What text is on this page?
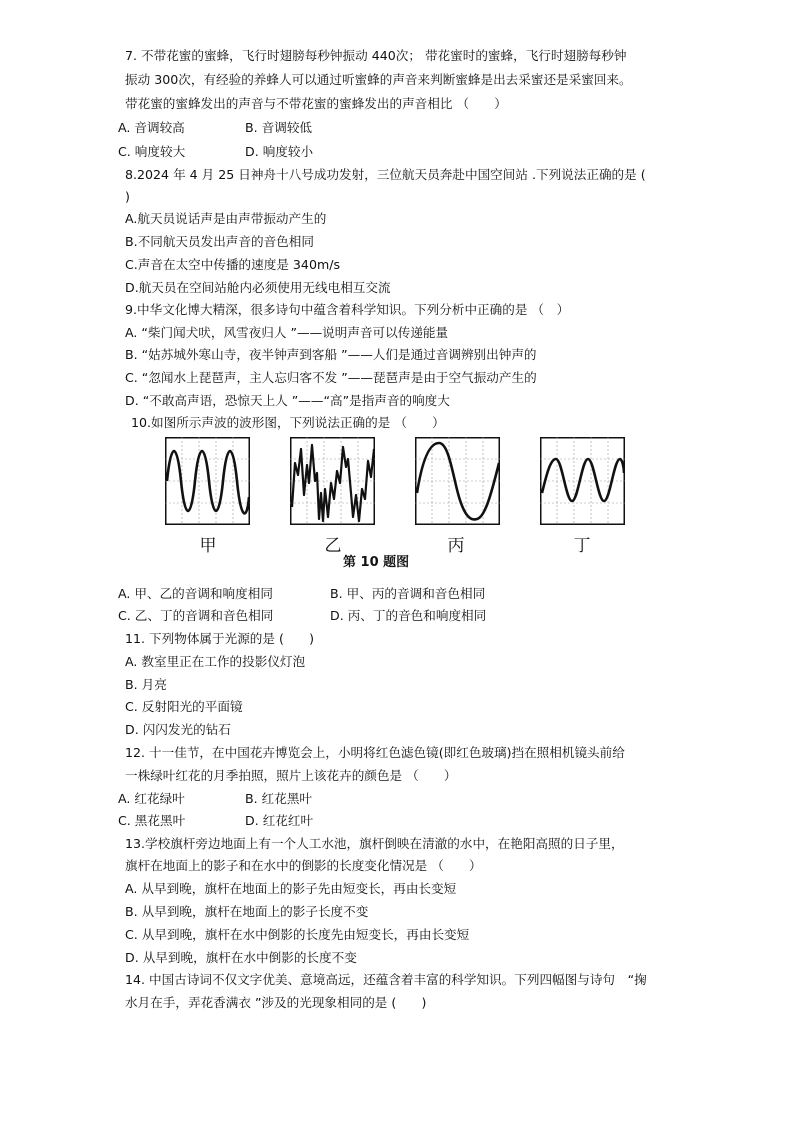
7. 不带花蜜的蜜蜂，飞行时翅膀每秒钟振动 440次； 带花蜜时的蜜蜂，飞行时翅膀每秒钟
振动 300次，有经验的养蜂人可以通过听蜜蜂的声音来判断蜜蜂是出去采蜜还是采蜜回来。
带花蜜的蜜蜂发出的声音与不带花蜜的蜜蜂发出的声音相比 （　　）
A. 音调较高	B. 音调较低
C. 响度较大	D. 响度较小
8.2024 年 4 月 25 日神舟十八号成功发射，三位航天员奔赴中国空间站 .下列说法正确的是 (
)
A.航天员说话声是由声带振动产生的
B.不同航天员发出声音的音色相同
C.声音在太空中传播的速度是 340m/s
D.航天员在空间站舱内必须使用无线电相互交流
9.中华文化博大精深，很多诗句中蕴含着科学知识。下列分析中正确的是 （　）
A. “柴门闻犬吠，风雪夜归人 ”——说明声音可以传递能量
B. “姑苏城外寒山寺，夜半钟声到客船 ”——人们是通过音调辨别出钟声的
C. “忽闻水上琵琶声，主人忘归客不发 ”——琵琶声是由于空气振动产生的
D. “不敢高声语，恐惊天上人 ”——“高”是指声音的响度大
10.如图所示声波的波形图，下列说法正确的是 （　　）
甲	乙	丙	丁
第 10 题图
A. 甲、乙的音调和响度相同	B. 甲、丙的音调和音色相同
C. 乙、丁的音调和音色相同	D. 丙、丁的音色和响度相同
11. 下列物体属于光源的是 (　　)
A. 教室里正在工作的投影仪灯泡
B. 月亮
C. 反射阳光的平面镜
D. 闪闪发光的钻石
12. 十一佳节，在中国花卉博览会上，小明将红色滤色镜(即红色玻璃)挡在照相机镜头前给
一株绿叶红花的月季拍照，照片上该花卉的颜色是 （　　）
A. 红花绿叶	B. 红花黑叶
C. 黑花黑叶	D. 红花红叶
13.学校旗杆旁边地面上有一个人工水池，旗杆倒映在清澈的水中，在艳阳高照的日子里，
旗杆在地面上的影子和在水中的倒影的长度变化情况是 （　　）
A. 从早到晚，旗杆在地面上的影子先由短变长，再由长变短
B. 从早到晚，旗杆在地面上的影子长度不变
C. 从早到晚，旗杆在水中倒影的长度先由短变长，再由长变短
D. 从早到晚，旗杆在水中倒影的长度不变
14. 中国古诗词不仅文字优美、意境高远，还蕴含着丰富的科学知识。下列四幅图与诗句　“掬
水月在手，弄花香满衣 ”涉及的光现象相同的是 (　　)
